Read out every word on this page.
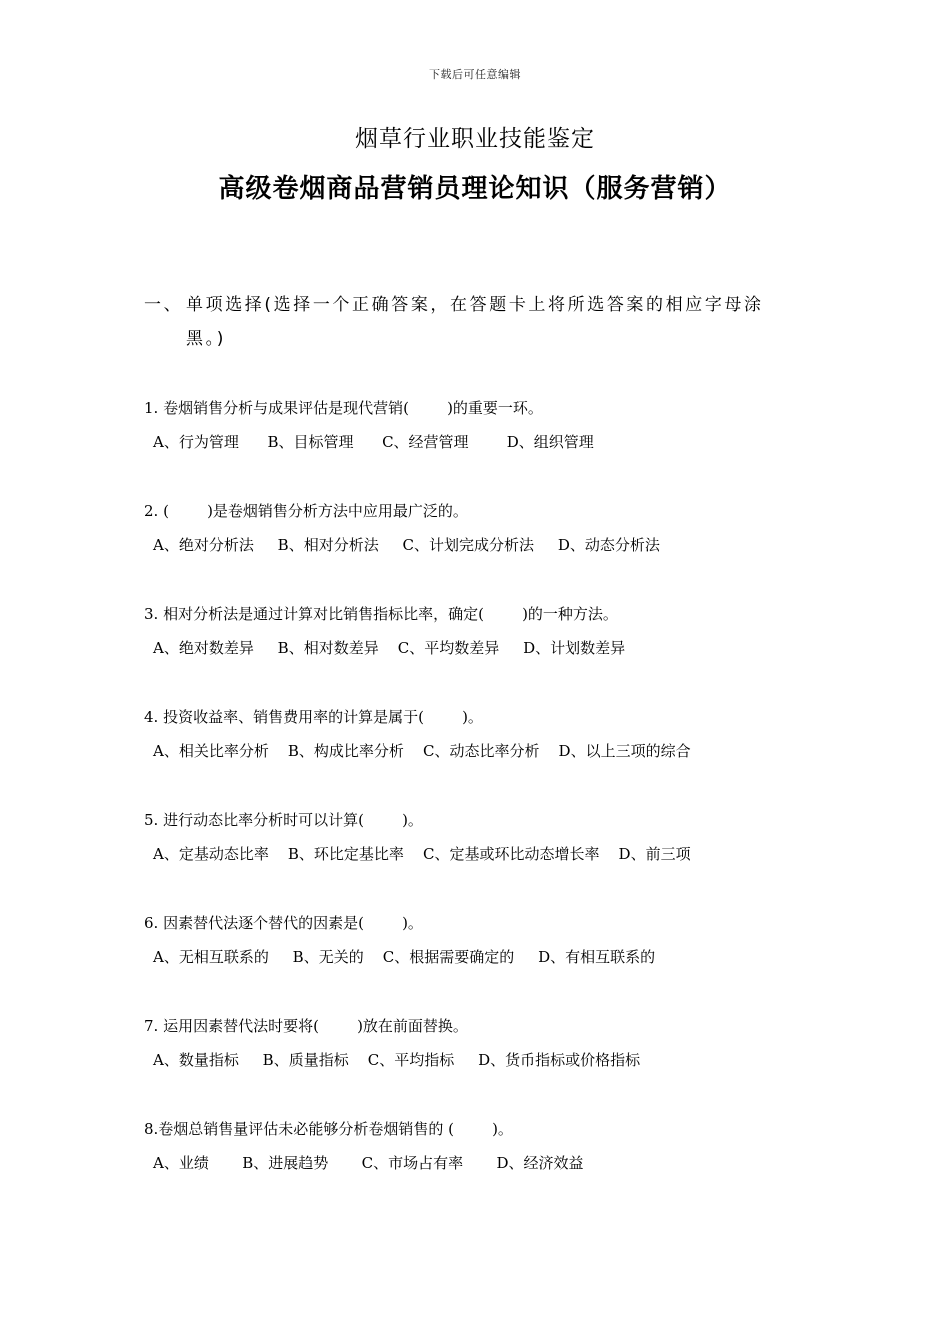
下载后可任意编辑
烟草行业职业技能鉴定
高级卷烟商品营销员理论知识（服务营销）
一、 单项选择(选择一个正确答案，在答题卡上将所选答案的相应字母涂
黑。)
1. 卷烟销售分析与成果评估是现代营销(        )的重要一环。
A、行为管理      B、目标管理      C、经营管理        D、组织管理
2. (        )是卷烟销售分析方法中应用最广泛的。
A、绝对分析法     B、相对分析法     C、计划完成分析法     D、动态分析法
3. 相对分析法是通过计算对比销售指标比率，确定(        )的一种方法。
A、绝对数差异     B、相对数差异    C、平均数差异     D、计划数差异
4. 投资收益率、销售费用率的计算是属于(        )。
A、相关比率分析    B、构成比率分析    C、动态比率分析    D、以上三项的综合
5. 进行动态比率分析时可以计算(        )。
A、定基动态比率    B、环比定基比率    C、定基或环比动态增长率    D、前三项
6. 因素替代法逐个替代的因素是(        )。
A、无相互联系的     B、无关的    C、根据需要确定的     D、有相互联系的
7. 运用因素替代法时要将(        )放在前面替换。
A、数量指标     B、质量指标    C、平均指标     D、货币指标或价格指标
8.卷烟总销售量评估未必能够分析卷烟销售的 (        )。
A、业绩       B、进展趋势       C、市场占有率       D、经济效益
